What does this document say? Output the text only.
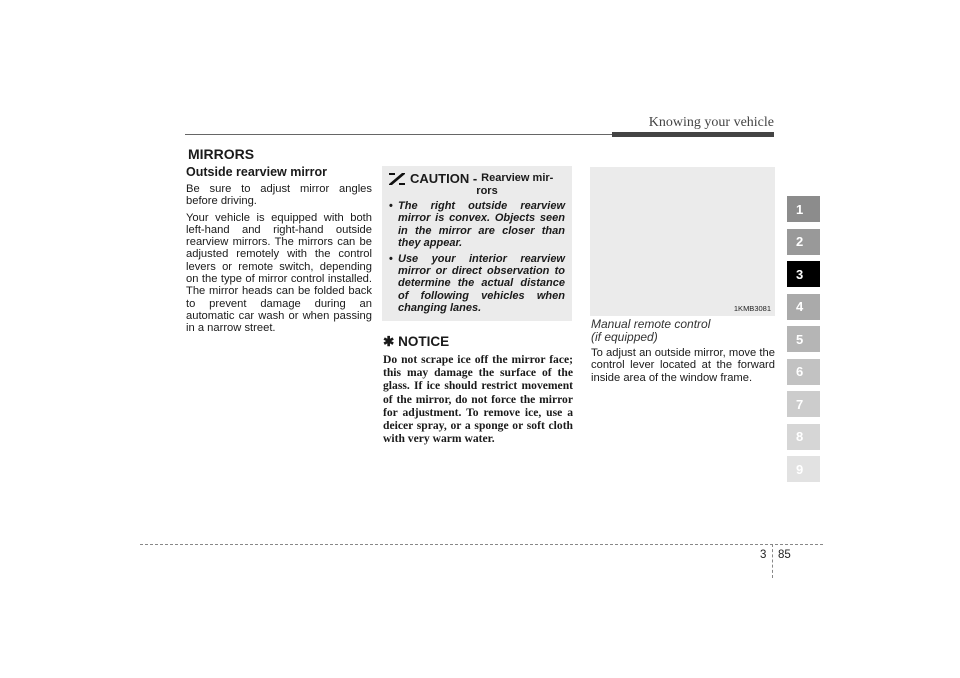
Knowing your vehicle
MIRRORS
Outside rearview mirror

Be sure to adjust mirror angles before driving.

Your vehicle is equipped with both left-hand and right-hand outside rearview mirrors. The mirrors can be adjusted remotely with the control levers or remote switch, depending on the type of mirror control installed. The mirror heads can be folded back to prevent damage during an automatic car wash or when passing in a narrow street.

CAUTION - Rearview mir-
rors
• The right outside rearview mirror is convex. Objects seen in the mirror are closer than they appear.
• Use your interior rearview mirror or direct observation to determine the actual distance of following vehicles when changing lanes.
✱ NOTICE

Do not scrape ice off the mirror face; this may damage the surface of the glass. If ice should restrict movement of the mirror, do not force the mirror for adjustment. To remove ice, use a deicer spray, or a sponge or soft cloth with very warm water.

1KMB3081
Manual remote control
(if equipped)

To adjust an outside mirror, move the control lever located at the forward inside area of the window frame.

1
2
3
4
5
6
7
8
9
3 85
